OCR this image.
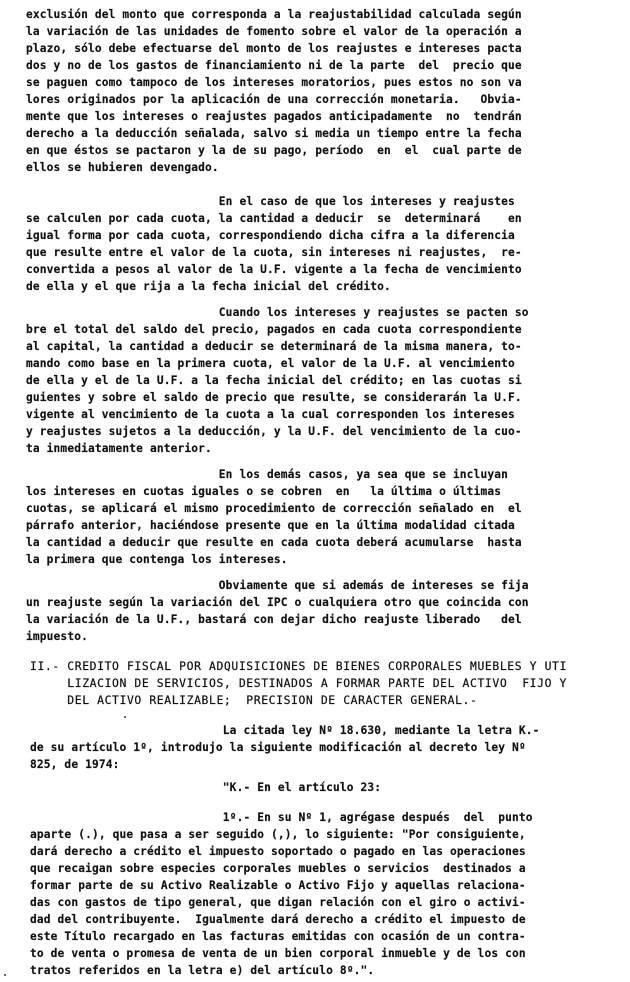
exclusión del monto que corresponda a la reajustabilidad calculada según
la variación de las unidades de fomento sobre el valor de la operación a
plazo, sólo debe efectuarse del monto de los reajustes e intereses pacta
dos y no de los gastos de financiamiento ni de la parte  del  precio que
se paguen como tampoco de los intereses moratorios, pues estos no son va
lores originados por la aplicación de una corrección monetaria.   Obvia-
mente que los intereses o reajustes pagados anticipadamente  no  tendrán
derecho a la deducción señalada, salvo si media un tiempo entre la fecha
en que éstos se pactaron y la de su pago, período  en  el  cual parte de
ellos se hubieren devengado.
En el caso de que los intereses y reajustes
se calculen por cada cuota, la cantidad a deducir  se  determinará    en
igual forma por cada cuota, correspondiendo dicha cifra a la diferencia
que resulte entre el valor de la cuota, sin intereses ni reajustes,  re-
convertida a pesos al valor de la U.F. vigente a la fecha de vencimiento
de ella y el que rija a la fecha inicial del crédito.
Cuando los intereses y reajustes se pacten so
bre el total del saldo del precio, pagados en cada cuota correspondiente
al capital, la cantidad a deducir se determinará de la misma manera, to-
mando como base en la primera cuota, el valor de la U.F. al vencimiento
de ella y el de la U.F. a la fecha inicial del crédito; en las cuotas si
guientes y sobre el saldo de precio que resulte, se considerarán la U.F.
vigente al vencimiento de la cuota a la cual corresponden los intereses
y reajustes sujetos a la deducción, y la U.F. del vencimiento de la cuo-
ta inmediatamente anterior.
En los demás casos, ya sea que se incluyan
los intereses en cuotas iguales o se cobren  en   la última o últimas
cuotas, se aplicará el mismo procedimiento de corrección señalado en  el
párrafo anterior, haciéndose presente que en la última modalidad citada
la cantidad a deducir que resulte en cada cuota deberá acumularse  hasta
la primera que contenga los intereses.
Obviamente que si además de intereses se fija
un reajuste según la variación del IPC o cualquiera otro que coincida con
la variación de la U.F., bastará con dejar dicho reajuste liberado   del
impuesto.
II.- CREDITO FISCAL POR ADQUISICIONES DE BIENES CORPORALES MUEBLES Y UTI
LIZACION DE SERVICIOS, DESTINADOS A FORMAR PARTE DEL ACTIVO  FIJO Y
DEL ACTIVO REALIZABLE;  PRECISION DE CARACTER GENERAL.-
La citada ley Nº 18.630, mediante la letra K.-
de su artículo 1º, introdujo la siguiente modificación al decreto ley Nº
825, de 1974:
"K.- En el artículo 23:
1º.- En su Nº 1, agrégase después  del  punto
aparte (.), que pasa a ser seguido (,), lo siguiente: "Por consiguiente,
dará derecho a crédito el impuesto soportado o pagado en las operaciones
que recaigan sobre especies corporales muebles o servicios  destinados a
formar parte de su Activo Realizable o Activo Fijo y aquellas relaciona-
das con gastos de tipo general, que digan relación con el giro o activi-
dad del contribuyente.  Igualmente dará derecho a crédito el impuesto de
este Título recargado en las facturas emitidas con ocasión de un contra-
to de venta o promesa de venta de un bien corporal inmueble y de los con
tratos referidos en la letra e) del artículo 8º.".
